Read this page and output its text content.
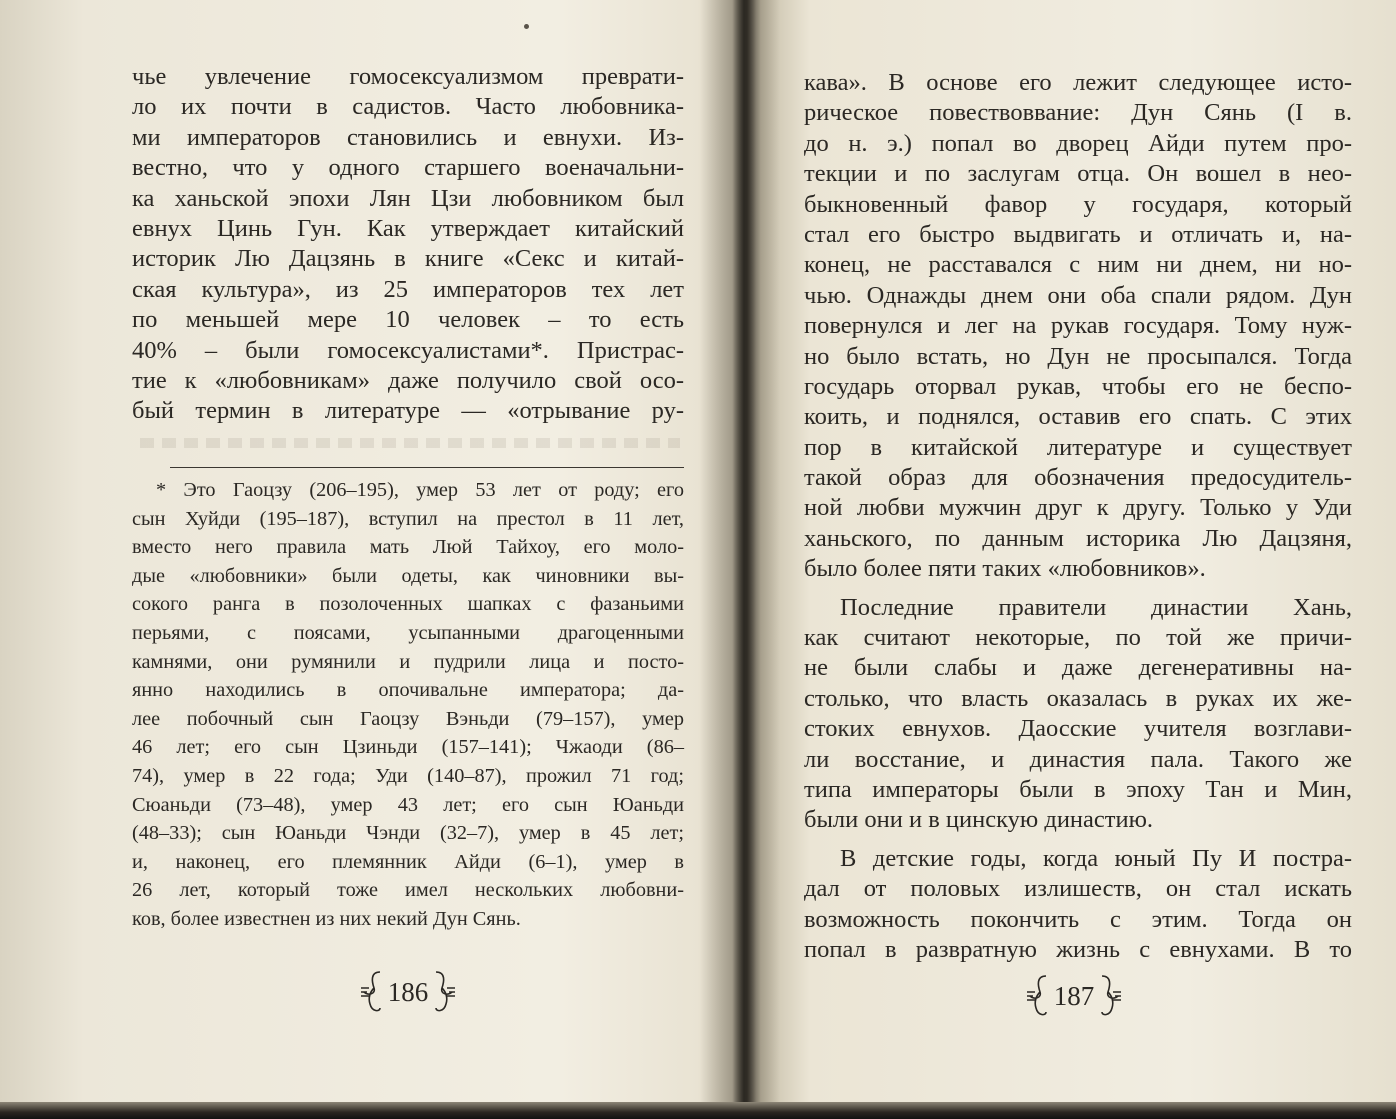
чье увлечение гомосексуализмом преврати-
ло их почти в садистов. Часто любовника-
ми императоров становились и евнухи. Из-
вестно, что у одного старшего военачальни-
ка ханьской эпохи Лян Цзи любовником был
евнух Цинь Гун. Как утверждает китайский
историк Лю Дацзянь в книге «Секс и китай-
ская культура», из 25 императоров тех лет
по меньшей мере 10 человек – то есть
40% – были гомосексуалистами*. Пристрас-
тие к «любовникам» даже получило свой осо-
бый термин в литературе — «отрывание ру-
* Это Гаоцзу (206–195), умер 53 лет от роду; его
сын Хуйди (195–187), вступил на престол в 11 лет,
вместо него правила мать Люй Тайхоу, его моло-
дые «любовники» были одеты, как чиновники вы-
сокого ранга в позолоченных шапках с фазаньими
перьями, с поясами, усыпанными драгоценными
камнями, они румянили и пудрили лица и посто-
янно находились в опочивальне императора; да-
лее побочный сын Гаоцзу Вэньди (79–157), умер
46 лет; его сын Цзиньди (157–141); Чжаоди (86–
74), умер в 22 года; Уди (140–87), прожил 71 год;
Сюаньди (73–48), умер 43 лет; его сын Юаньди
(48–33); сын Юаньди Чэнди (32–7), умер в 45 лет;
и, наконец, его племянник Айди (6–1), умер в
26 лет, который тоже имел нескольких любовни-
ков, более известнен из них некий Дун Сянь.
186
кава». В основе его лежит следующее исто-
рическое повествоввание: Дун Сянь (I в.
до н. э.) попал во дворец Айди путем про-
текции и по заслугам отца. Он вошел в нео-
быкновенный фавор у государя, который
стал его быстро выдвигать и отличать и, на-
конец, не расставался с ним ни днем, ни но-
чью. Однажды днем они оба спали рядом. Дун
повернулся и лег на рукав государя. Тому нуж-
но было встать, но Дун не просыпался. Тогда
государь оторвал рукав, чтобы его не беспо-
коить, и поднялся, оставив его спать. С этих
пор в китайской литературе и существует
такой образ для обозначения предосудитель-
ной любви мужчин друг к другу. Только у Уди
ханьского, по данным историка Лю Дацзяня,
было более пяти таких «любовников».
Последние правители династии Хань,
как считают некоторые, по той же причи-
не были слабы и даже дегенеративны на-
столько, что власть оказалась в руках их же-
стоких евнухов. Даосские учителя возглави-
ли восстание, и династия пала. Такого же
типа императоры были в эпоху Тан и Мин,
были они и в цинскую династию.
В детские годы, когда юный Пу И постра-
дал от половых излишеств, он стал искать
возможность покончить с этим. Тогда он
попал в развратную жизнь с евнухами. В то
187
